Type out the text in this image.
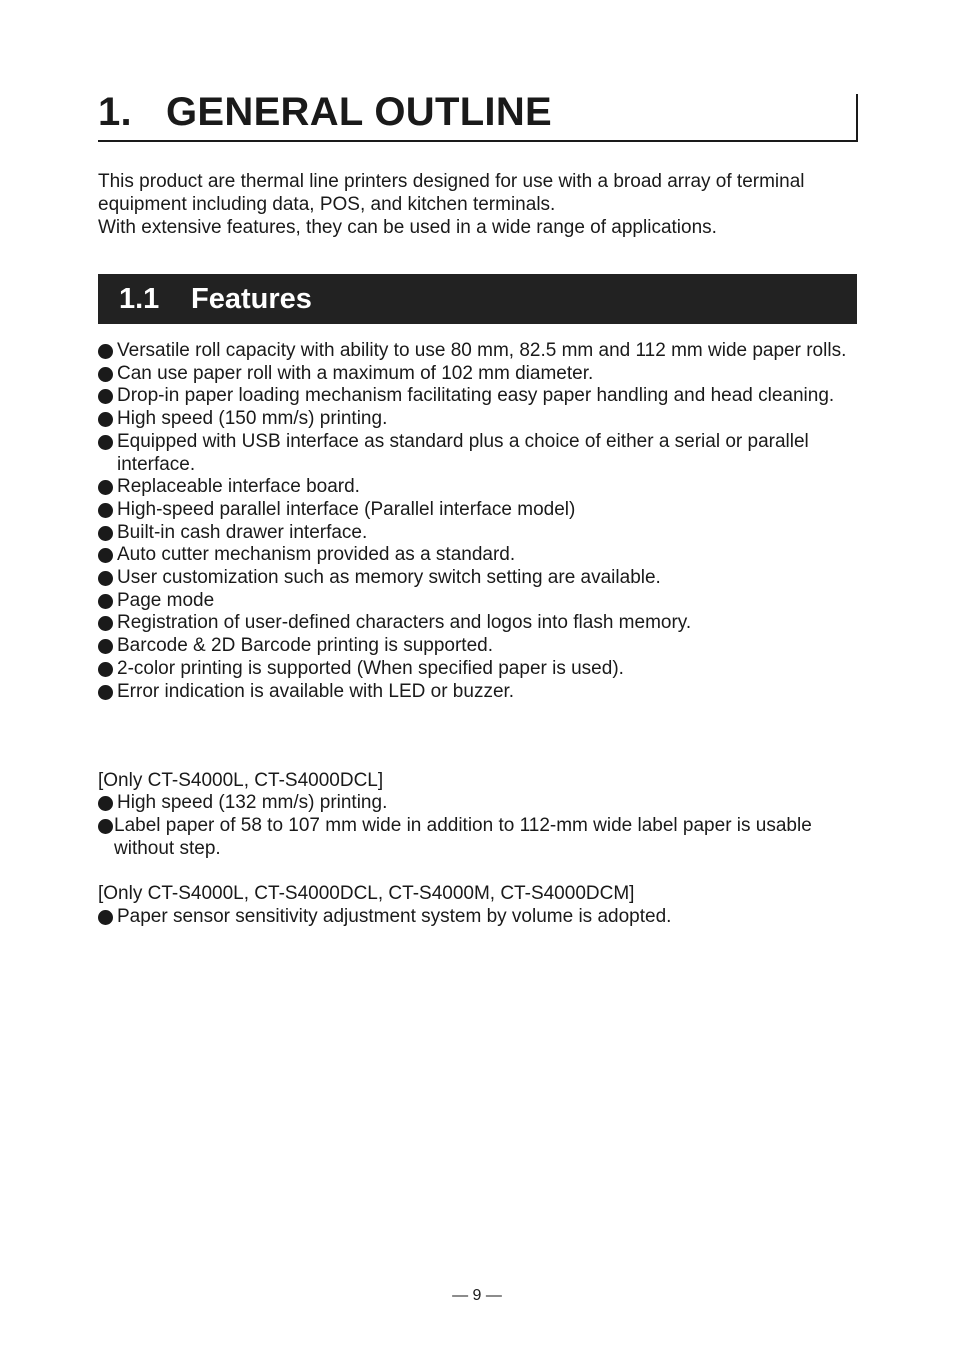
1. GENERAL OUTLINE

This product are thermal line printers designed for use with a broad array of terminal equipment including data, POS, and kitchen terminals.

With extensive features, they can be used in a wide range of applications.

1.1 Features
Versatile roll capacity with ability to use 80 mm, 82.5 mm and 112 mm wide paper rolls.
Can use paper roll with a maximum of 102 mm diameter.
Drop-in paper loading mechanism facilitating easy paper handling and head cleaning.
High speed (150 mm/s) printing.
Equipped with USB interface as standard plus a choice of either a serial or parallel interface.
Replaceable interface board.
High-speed parallel interface (Parallel interface model)
Built-in cash drawer interface.
Auto cutter mechanism provided as a standard.
User customization such as memory switch setting are available.
Page mode
Registration of user-defined characters and logos into flash memory.
Barcode & 2D Barcode printing is supported.
2-color printing is supported (When specified paper is used).
Error indication is available with LED or buzzer.

[Only CT-S4000L, CT-S4000DCL]

High speed (132 mm/s) printing.
Label paper of 58 to 107 mm wide in addition to 112-mm wide label paper is usable without step.

[Only CT-S4000L, CT-S4000DCL, CT-S4000M, CT-S4000DCM]

Paper sensor sensitivity adjustment system by volume is adopted.
— 9 —
